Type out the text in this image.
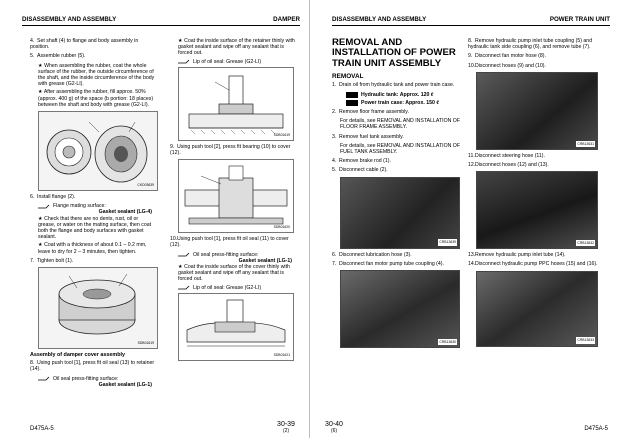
DISASSEMBLY AND ASSEMBLY	DAMPER
4. Set shaft (4) to flange and body assembly in position.
5. Assemble rubber (5).
★ When assembling the rubber, coat the whole surface of the rubber, the outside circumference of the shaft, and the inside circumference of the body with grease (G2-LI).
★ After assembling the rubber, fill approx. 50% (approx. 400 g) of the space (b portion: 18 places) between the shaft and body with grease (G2-LI).
CKD03639
6. Install flange (2).
Flange mating surface:
Gasket sealant (LG-4)
★ Check that there are no dents, rust, oil or grease, or water on the mating surface, then coat both the flange and body surfaces with gasket sealant.
★ Coat with a thickness of about 0.1 – 0.2 mm, leave to dry for 2 – 3 minutes, then tighten.
7. Tighten bolt (1).
SDB01619
Assembly of damper cover assembly
8. Using push tool [1], press fit oil seal (13) to retainer (14).
Oil seal press-fitting surface:
Gasket sealant (LG-1)
★ Coat the inside surface of the retainer thinly with gasket sealant and wipe off any sealant that is forced out.
Lip of oil seal: Grease (G2-LI)
SDB01619
9. Using push tool [2], press fit bearing (10) to cover (12).
SDB01620
10.Using push tool [1], press fit oil seal (11) to cover (12).
Oil seal press-fitting surface:
Gasket sealant (LG-1)
★ Coat the inside surface of the cover thinly with gasket sealant and wipe off any sealant that is forced out.
Lip of oil seal: Grease (G2-LI)
SDB01621
D475A-5
30-39
(2)
DISASSEMBLY AND ASSEMBLY	POWER TRAIN UNIT
REMOVAL AND INSTALLATION OF POWER TRAIN UNIT ASSEMBLY
REMOVAL
1. Drain oil from hydraulic tank and power train case.
Hydraulic tank: Approx. 120 ℓ
Power train case: Approx. 150 ℓ
2. Remove floor frame assembly.
For details, see REMOVAL AND INSTALLATION OF FLOOR FRAME ASSEMBLY.
3. Remove fuel tank assembly.
For details, see REMOVAL AND INSTALLATION OF FUEL TANK ASSEMBLY.
4. Remove brake rod (1).
5. Disconnect cable (2).
CRB13639
6. Disconnect lubrication hose (3).
7. Disconnect fan motor pump tube coupling (4).
CRB13630
8. Remove hydraulic pump inlet tube coupling (5) and hydraulic tank side coupling (6), and remove tube (7).
9. Disconnect fan motor hose (8).
10.Disconnect hoses (9) and (10).
CRB13631
11.Disconnect steering hose (11).
12.Disconnect hoses (12) and (13).
CRB13632
13.Remove hydraulic pump inlet tube (14).
14.Disconnect hydraulic pump PPC hoses (15) and (16).
CRB13633
30-40
(6)	D475A-5
